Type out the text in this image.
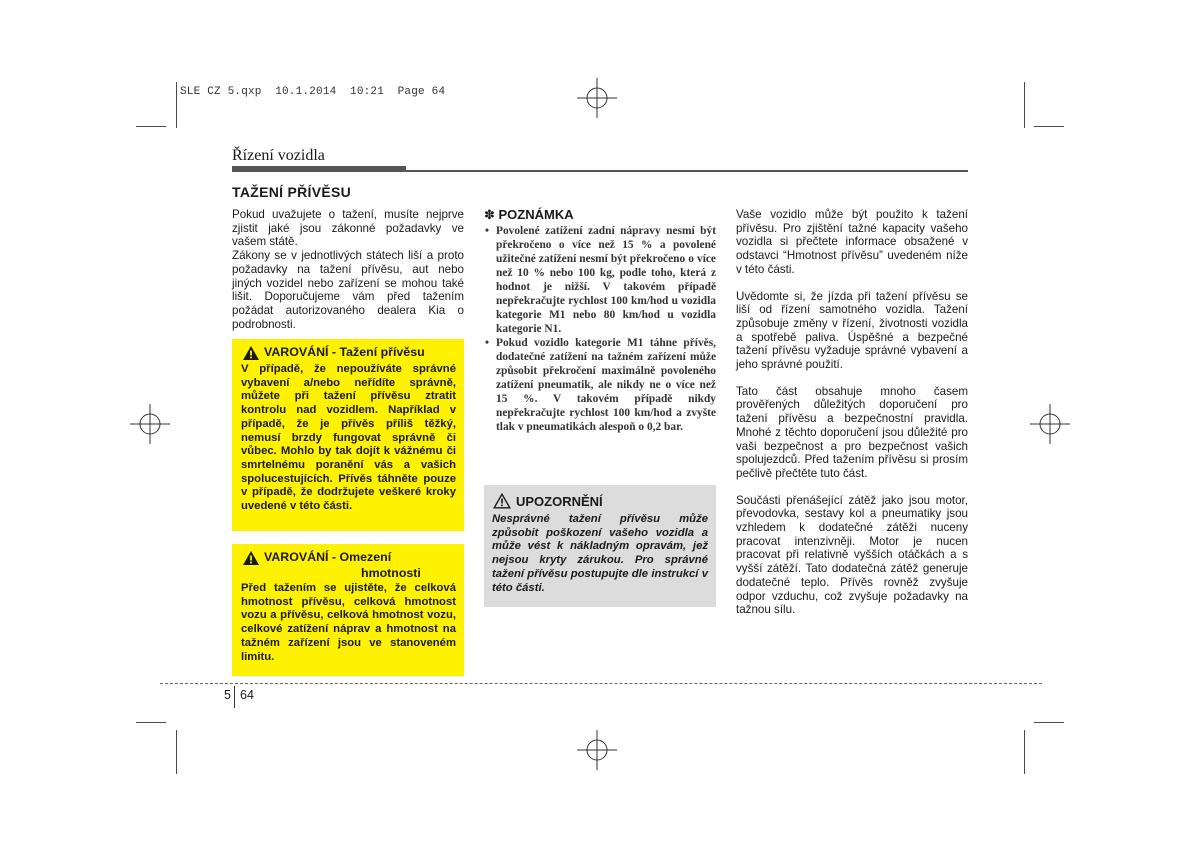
SLE CZ 5.qxp  10.1.2014  10:21  Page 64
Řízení vozidla
TAŽENÍ PŘÍVĚSU

Pokud uvažujete o tažení, musíte nejprve zjistit jaké jsou zákonné požadavky ve vašem státě.

Zákony se v jednotlivých státech liší a proto požadavky na tažení přívěsu, aut nebo jiných vozidel nebo zařízení se mohou také lišit. Doporučujeme vám před tažením požádat autorizovaného dealera Kia o podrobnosti.

VAROVÁNÍ - Tažení přívěsu
V případě, že nepoužíváte správné vybavení a/nebo neřídíte správně, můžete při tažení přívěsu ztratit kontrolu nad vozidlem. Například v případě, že je přívěs příliš těžký, nemusí brzdy fungovat správně či vůbec. Mohlo by tak dojít k vážnému či smrtelnému poranění vás a vašich spolucestujících. Přívěs táhněte pouze v případě, že dodržujete veškeré kroky uvedené v této části.
VAROVÁNÍ - Omezení
hmotnosti
Před tažením se ujistěte, že celková hmotnost přívěsu, celková hmotnost vozu a přívěsu, celková hmotnost vozu, celkové zatížení náprav a hmotnost na tažném zařízení jsou ve stanoveném limitu.
✽ POZNÁMKA
• Povolené zatížení zadní nápravy nesmí být překročeno o více než 15 % a povolené užitečné zatížení nesmí být překročeno o více než 10 % nebo 100 kg, podle toho, která z hodnot je nižší. V takovém případě nepřekračujte rychlost 100 km/hod u vozidla kategorie M1 nebo 80 km/hod u vozidla kategorie N1.
• Pokud vozidlo kategorie M1 táhne přívěs, dodatečné zatížení na tažném zařízení může způsobit překročení maximálně povoleného zatížení pneumatik, ale nikdy ne o více než 15 %. V takovém případě nikdy nepřekračujte rychlost 100 km/hod a zvyšte tlak v pneumatikách alespoň o 0,2 bar.
UPOZORNĚNÍ
Nesprávné tažení přívěsu může způsobit poškození vašeho vozidla a může vést k nákladným opravám, jež nejsou kryty zárukou. Pro správné tažení přívěsu postupujte dle instrukcí v této části.

Vaše vozidlo může být použito k tažení přívěsu. Pro zjištění tažné kapacity vašeho vozidla si přečtete informace obsažené v odstavci “Hmotnost přívěsu” uvedeném níže v této části.

Uvědomte si, že jízda při tažení přívěsu se liší od řízení samotného vozidla. Tažení způsobuje změny v řízení, životnosti vozidla a spotřebě paliva. Úspěšné a bezpečné tažení přívěsu vyžaduje správné vybavení a jeho správné použití.

Tato část obsahuje mnoho časem prověřených důležitých doporučení pro tažení přívěsu a bezpečnostní pravidla. Mnohé z těchto doporučení jsou důležité pro vaši bezpečnost a pro bezpečnost vašich spolujezdců. Před tažením přívěsu si prosím pečlivě přečtěte tuto část.

Součásti přenášející zátěž jako jsou motor, převodovka, sestavy kol a pneumatiky jsou vzhledem k dodatečné zátěži nuceny pracovat intenzivněji. Motor je nucen pracovat při relativně vyšších otáčkách a s vyšší zátěží. Tato dodatečná zátěž generuje dodatečné teplo. Přívěs rovněž zvyšuje odpor vzduchu, což zvyšuje požadavky na tažnou sílu.

5 64
